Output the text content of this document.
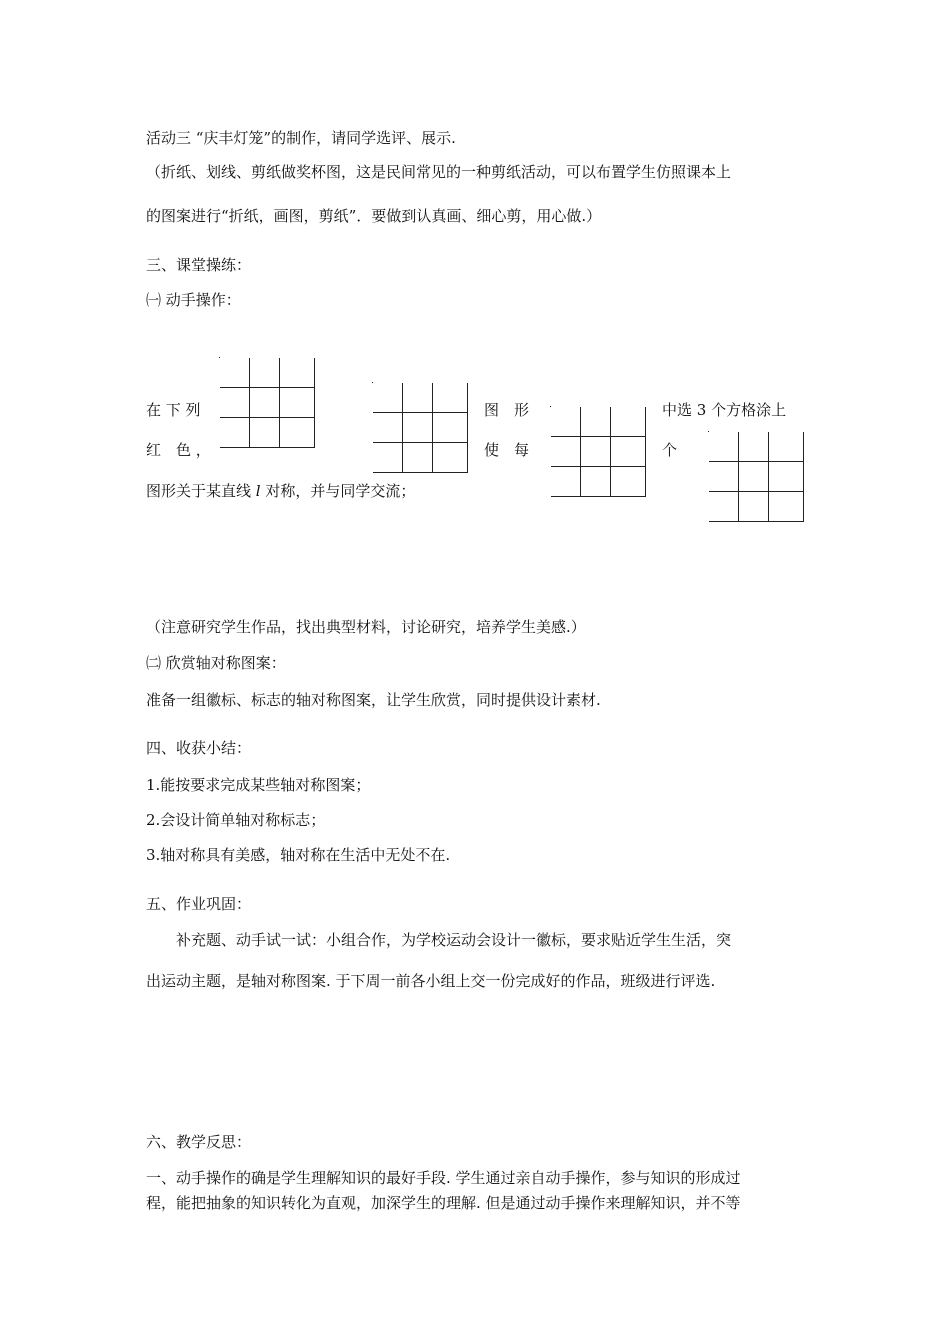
活动三 “庆丰灯笼”的制作，请同学选评、展示.
（折纸、划线、剪纸做奖杯图，这是民间常见的一种剪纸活动，可以布置学生仿照课本上
的图案进行“折纸，画图，剪纸”．要做到认真画、细心剪，用心做.）
三、课堂操练：
㈠ 动手操作：
在 下 列	图　形	中选 3 个方格涂上
红　色 ，	使　每	个
图形关于某直线 l 对称，并与同学交流；
（注意研究学生作品，找出典型材料，讨论研究，培养学生美感.）
㈡ 欣赏轴对称图案：
准备一组徽标、标志的轴对称图案，让学生欣赏，同时提供设计素材.
四、收获小结：
1.能按要求完成某些轴对称图案；
2.会设计简单轴对称标志；
3.轴对称具有美感，轴对称在生活中无处不在.
五、作业巩固：
补充题、动手试一试：小组合作，为学校运动会设计一徽标，要求贴近学生生活，突
出运动主题，是轴对称图案. 于下周一前各小组上交一份完成好的作品，班级进行评选.
六、教学反思：
一、动手操作的确是学生理解知识的最好手段. 学生通过亲自动手操作，参与知识的形成过
程，能把抽象的知识转化为直观，加深学生的理解. 但是通过动手操作来理解知识，并不等
